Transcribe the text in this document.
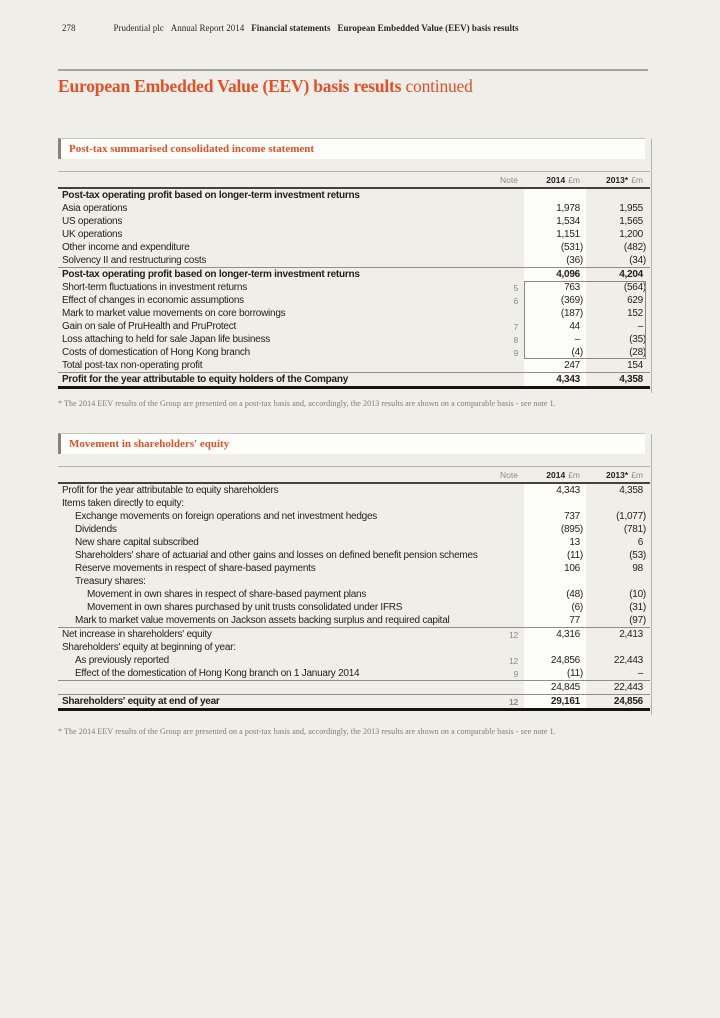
278	Prudential plc Annual Report 2014 Financial statements European Embedded Value (EEV) basis results
European Embedded Value (EEV) basis results continued
Post-tax summarised consolidated income statement
Note	2014 £m	2013* £m
Post-tax operating profit based on longer-term investment returns
Asia operations	1,978	1,955
US operations	1,534	1,565
UK operations	1,151	1,200
Other income and expenditure	(531)	(482)
Solvency II and restructuring costs	(36)	(34)
Post-tax operating profit based on longer-term investment returns	4,096	4,204
Short-term fluctuations in investment returns	5	763	(564)
Effect of changes in economic assumptions	6	(369)	629
Mark to market value movements on core borrowings	(187)	152
Gain on sale of PruHealth and PruProtect	7	44	–
Loss attaching to held for sale Japan life business	8	–	(35)
Costs of domestication of Hong Kong branch	9	(4)	(28)
Total post-tax non-operating profit	247	154
Profit for the year attributable to equity holders of the Company	4,343	4,358
* The 2014 EEV results of the Group are presented on a post-tax basis and, accordingly, the 2013 results are shown on a comparable basis - see note 1.
Movement in shareholders' equity
Note	2014 £m	2013* £m
Profit for the year attributable to equity shareholders	4,343	4,358
Items taken directly to equity:
Exchange movements on foreign operations and net investment hedges	737	(1,077)
Dividends	(895)	(781)
New share capital subscribed	13	6
Shareholders' share of actuarial and other gains and losses on defined benefit pension schemes	(11)	(53)
Reserve movements in respect of share-based payments	106	98
Treasury shares:
Movement in own shares in respect of share-based payment plans	(48)	(10)
Movement in own shares purchased by unit trusts consolidated under IFRS	(6)	(31)
Mark to market value movements on Jackson assets backing surplus and required capital	77	(97)
Net increase in shareholders' equity	12	4,316	2,413
Shareholders' equity at beginning of year:
As previously reported	12	24,856	22,443
Effect of the domestication of Hong Kong branch on 1 January 2014	9	(11)	–
24,845	22,443
Shareholders' equity at end of year	12	29,161	24,856
* The 2014 EEV results of the Group are presented on a post-tax basis and, accordingly, the 2013 results are shown on a comparable basis - see note 1.
